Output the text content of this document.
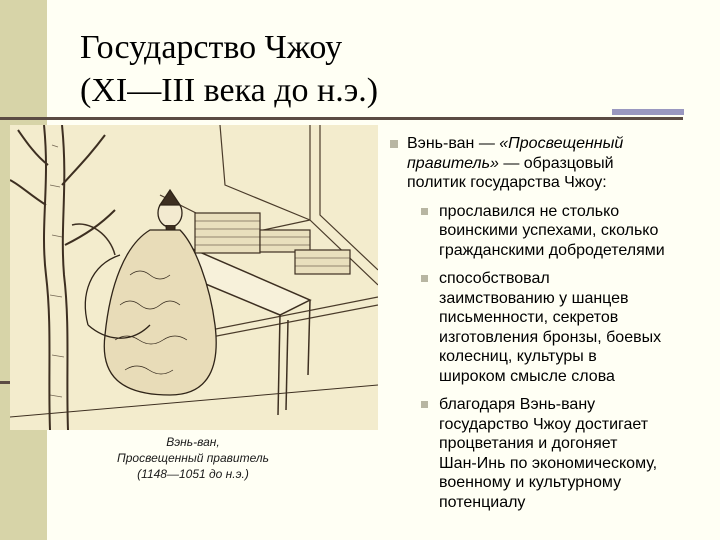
Государство Чжоу
(XI—III века до н.э.)
Вэнь-ван,
Просвещенный правитель
(1148—1051 до н.э.)
Вэнь-ван — «Просвещенный
правитель» — образцовый
политик государства Чжоу:
прославился не столько
воинскими успехами, сколько
гражданскими добродетелями
способствовал
заимствованию у шанцев
письменности, секретов
изготовления бронзы, боевых
колесниц, культуры в
широком смысле слова
благодаря Вэнь-вану
государство Чжоу достигает
процветания и догоняет
Шан-Инь по экономическому,
военному и культурному
потенциалу
